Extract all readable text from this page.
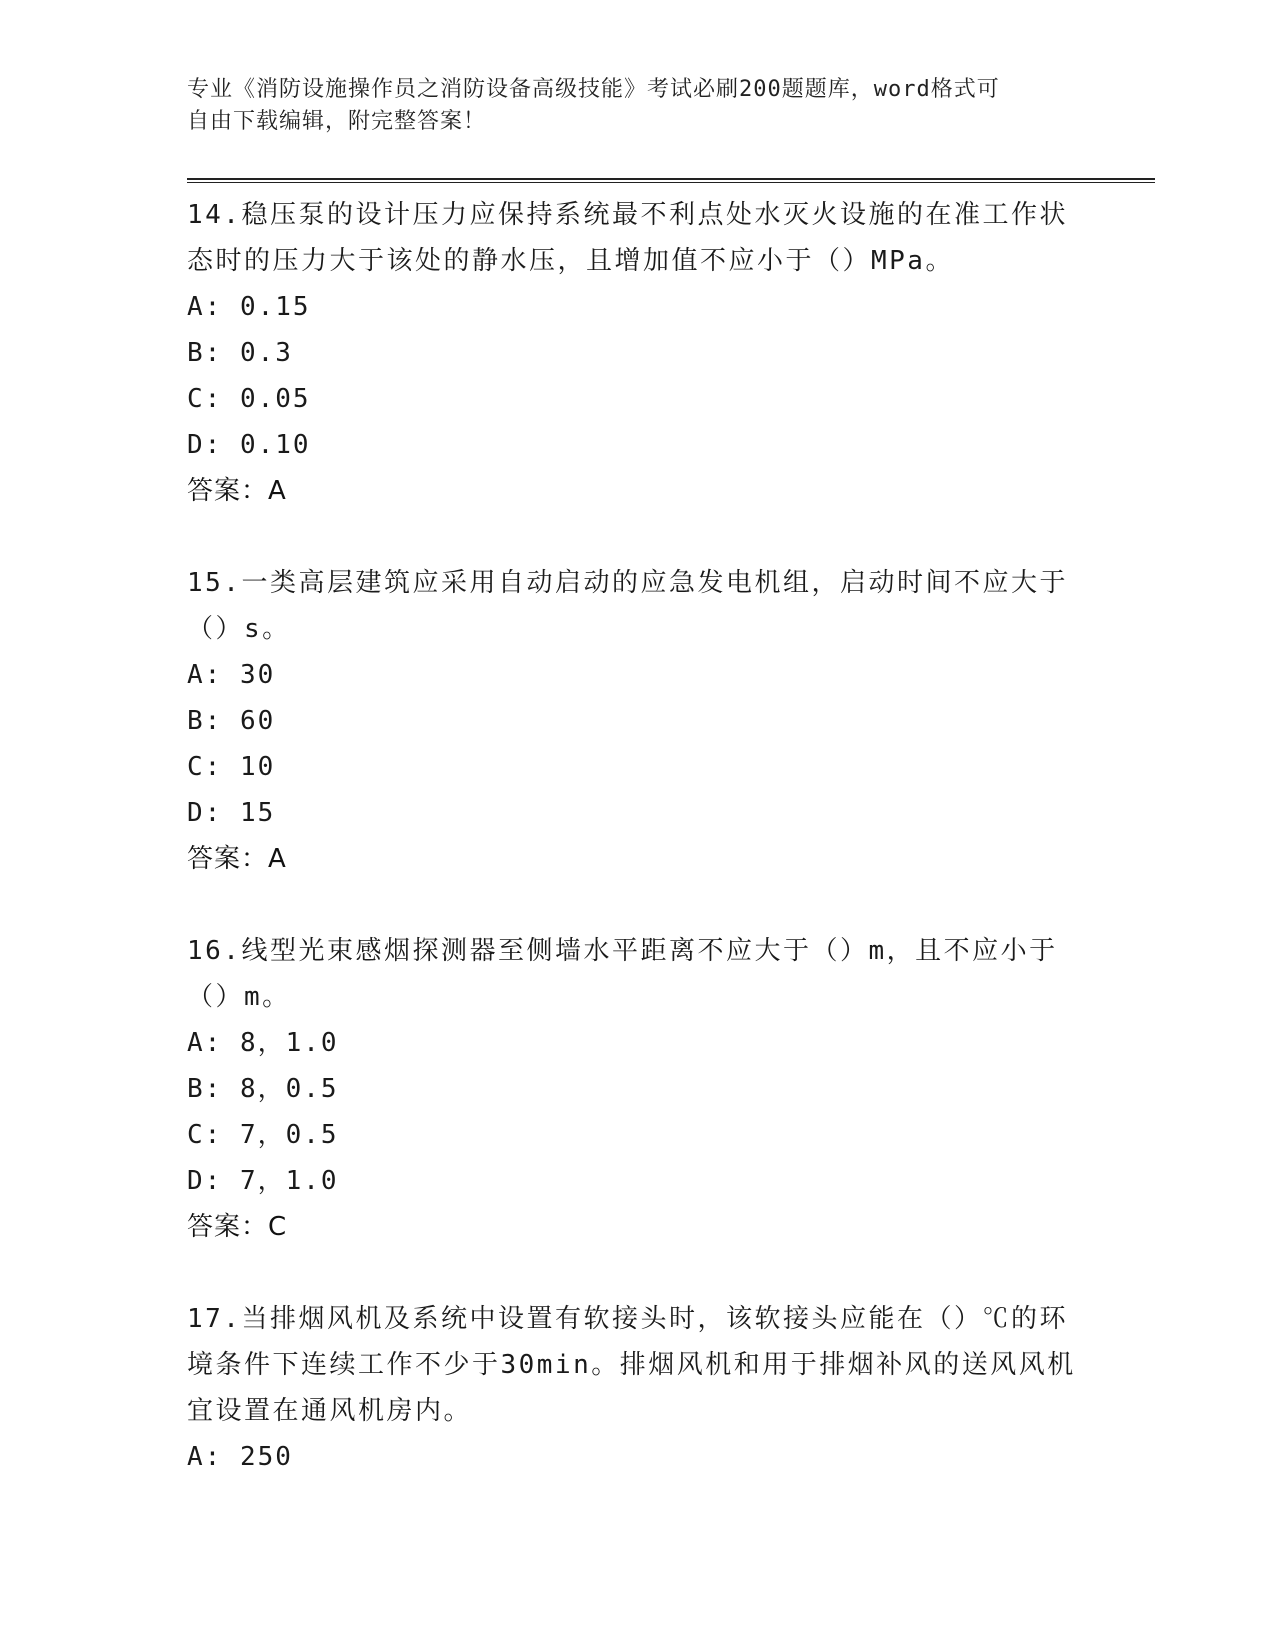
专业《消防设施操作员之消防设备高级技能》考试必刷200题题库，word格式可
自由下载编辑，附完整答案！

14.稳压泵的设计压力应保持系统最不利点处水灭火设施的在准工作状态时的压力大于该处的静水压，且增加值不应小于（）MPa。

A: 0.15
B: 0.3
C: 0.05
D: 0.10
答案：A

15.一类高层建筑应采用自动启动的应急发电机组，启动时间不应大于（）s。

A: 30
B: 60
C: 10
D: 15
答案：A

16.线型光束感烟探测器至侧墙水平距离不应大于（）m，且不应小于（）m。

A: 8，1.0
B: 8，0.5
C: 7，0.5
D: 7，1.0
答案：C

17.当排烟风机及系统中设置有软接头时，该软接头应能在（）℃的环境条件下连续工作不少于30min。排烟风机和用于排烟补风的送风风机宜设置在通风机房内。

A: 250
